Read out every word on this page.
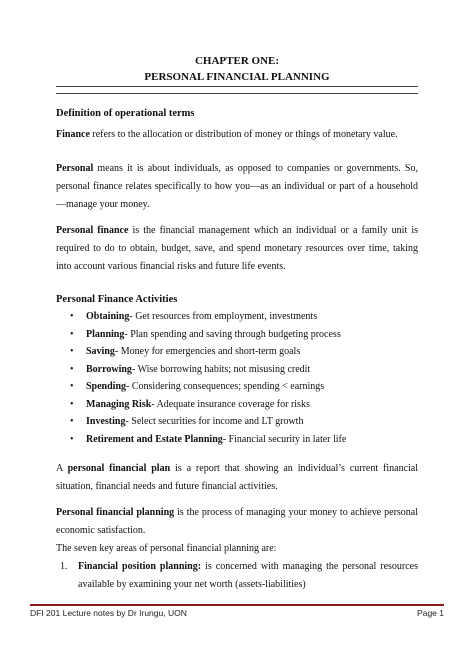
CHAPTER ONE:
PERSONAL FINANCIAL PLANNING
Definition of operational terms
Finance refers to the allocation or distribution of money or things of monetary value.
Personal means it is about individuals, as opposed to companies or governments. So, personal finance relates specifically to how you—as an individual or part of a household—manage your money.
Personal finance is the financial management which an individual or a family unit is required to do to obtain, budget, save, and spend monetary resources over time, taking into account various financial risks and future life events.
Personal Finance Activities
• Obtaining- Get resources from employment, investments
• Planning- Plan spending and saving through budgeting process
• Saving- Money for emergencies and short-term goals
• Borrowing- Wise borrowing habits; not misusing credit
• Spending- Considering consequences; spending < earnings
• Managing Risk- Adequate insurance coverage for risks
• Investing- Select securities for income and LT growth
• Retirement and Estate Planning- Financial security in later life
A personal financial plan is a report that showing an individual’s current financial situation, financial needs and future financial activities.
Personal financial planning is the process of managing your money to achieve personal economic satisfaction.
The seven key areas of personal financial planning are:
1. Financial position planning: is concerned with managing the personal resources available by examining your net worth (assets-liabilities)
DFI 201 Lecture notes by Dr Irungu, UON	Page 1
